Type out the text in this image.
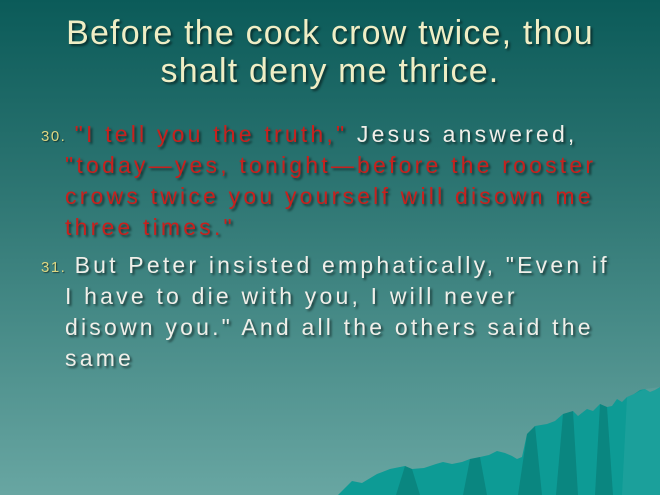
Before the cock crow twice, thou
shalt deny me thrice.
30.
"I tell you the truth," Jesus answered, "today—yes, tonight—before the rooster crows twice you yourself will disown me three times."
31.
But Peter insisted emphatically, "Even if I have to die with you, I will never disown you." And all the others said the same
